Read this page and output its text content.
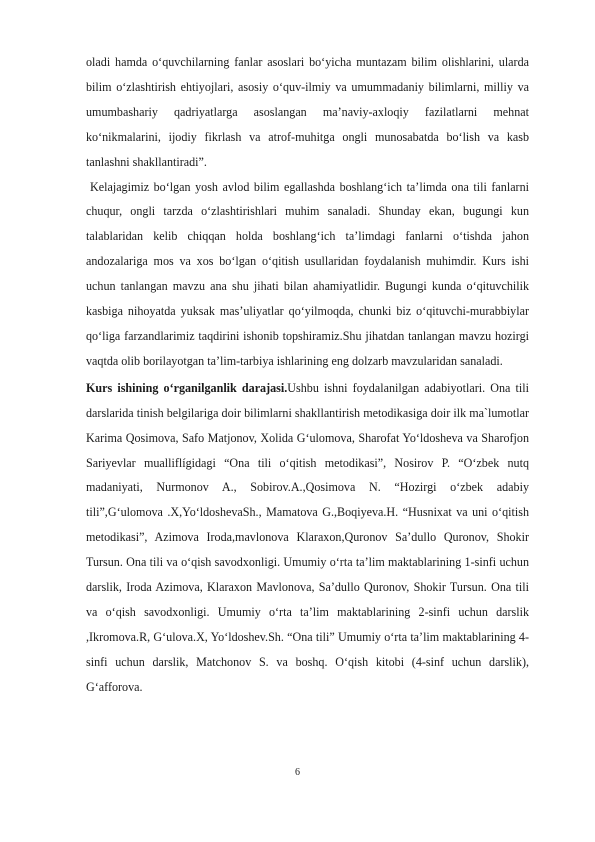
oladi hamda o‘quvchilarning fanlar asoslari bo‘yicha muntazam bilim olishlarini, ularda bilim o‘zlashtirish ehtiyojlari, asosiy o‘quv-ilmiy va umummadaniy bilimlarni, milliy va umumbashariy qadriyatlarga asoslangan ma’naviy-axloqiy fazilatlarni mehnat ko‘nikmalarini, ijodiy fikrlash va atrof-muhitga ongli munosabatda bo‘lish va kasb tanlashni shakllantiradi”.

Kelajagimiz bo‘lgan yosh avlod bilim egallashda boshlang‘ich ta’limda ona tili fanlarni chuqur, ongli tarzda o‘zlashtirishlari muhim sanaladi. Shunday ekan, bugungi kun talablaridan kelib chiqqan holda boshlang‘ich ta’limdagi fanlarni o‘tishda jahon andozalariga mos va xos bo‘lgan o‘qitish usullaridan foydalanish muhimdir. Kurs ishi uchun tanlangan mavzu ana shu jihati bilan ahamiyatlidir. Bugungi kunda o‘qituvchilik kasbiga nihoyatda yuksak mas’uliyatlar qo‘yilmoqda, chunki biz o‘qituvchi-murabbiylar qo‘liga farzandlarimiz taqdirini ishonib topshiramiz.Shu jihatdan tanlangan mavzu hozirgi vaqtda olib borilayotgan ta’lim-tarbiya ishlarining eng dolzarb mavzularidan sanaladi.

Kurs ishining o‘rganilganlik darajasi.Ushbu ishni foydalanilgan adabiyotlari. Ona tili darslarida tinish belgilariga doir bilimlarni shakllantirish metodikasiga doir ilk ma`lumotlar Karima Qosimova, Safo Matjonov, Xolida G‘ulomova, Sharofat Yo‘ldosheva va Sharofjon Sariyevlar mualliflígidagi “Ona tili o‘qitish metodikasi”, Nosirov P. “O‘zbek nutq madaniyati, Nurmonov A., Sobirov.A.,Qosimova N. “Hozirgi o‘zbek adabiy tili”,G‘ulomova .X,Yo‘ldoshevaSh., Mamatova G.,Boqiyeva.H. “Husnixat va uni o‘qitish metodikasi”, Azimova Iroda,mavlonova Klaraxon,Quronov Sa’dullo Quronov, Shokir Tursun. Ona tili va o‘qish savodxonligi. Umumiy o‘rta ta’lim maktablarining 1-sinfi uchun darslik, Iroda Azimova, Klaraxon Mavlonova, Sa’dullo Quronov, Shokir Tursun. Ona tili va o‘qish savodxonligi. Umumiy o‘rta ta’lim maktablarining 2-sinfi uchun darslik ,Ikromova.R, G‘ulova.X, Yo‘ldoshev.Sh. “Ona tili” Umumiy o‘rta ta’lim maktablarining 4-sinfi uchun darslik, Matchonov S. va boshq. O‘qish kitobi (4-sinf uchun darslik), G‘afforova.

6
